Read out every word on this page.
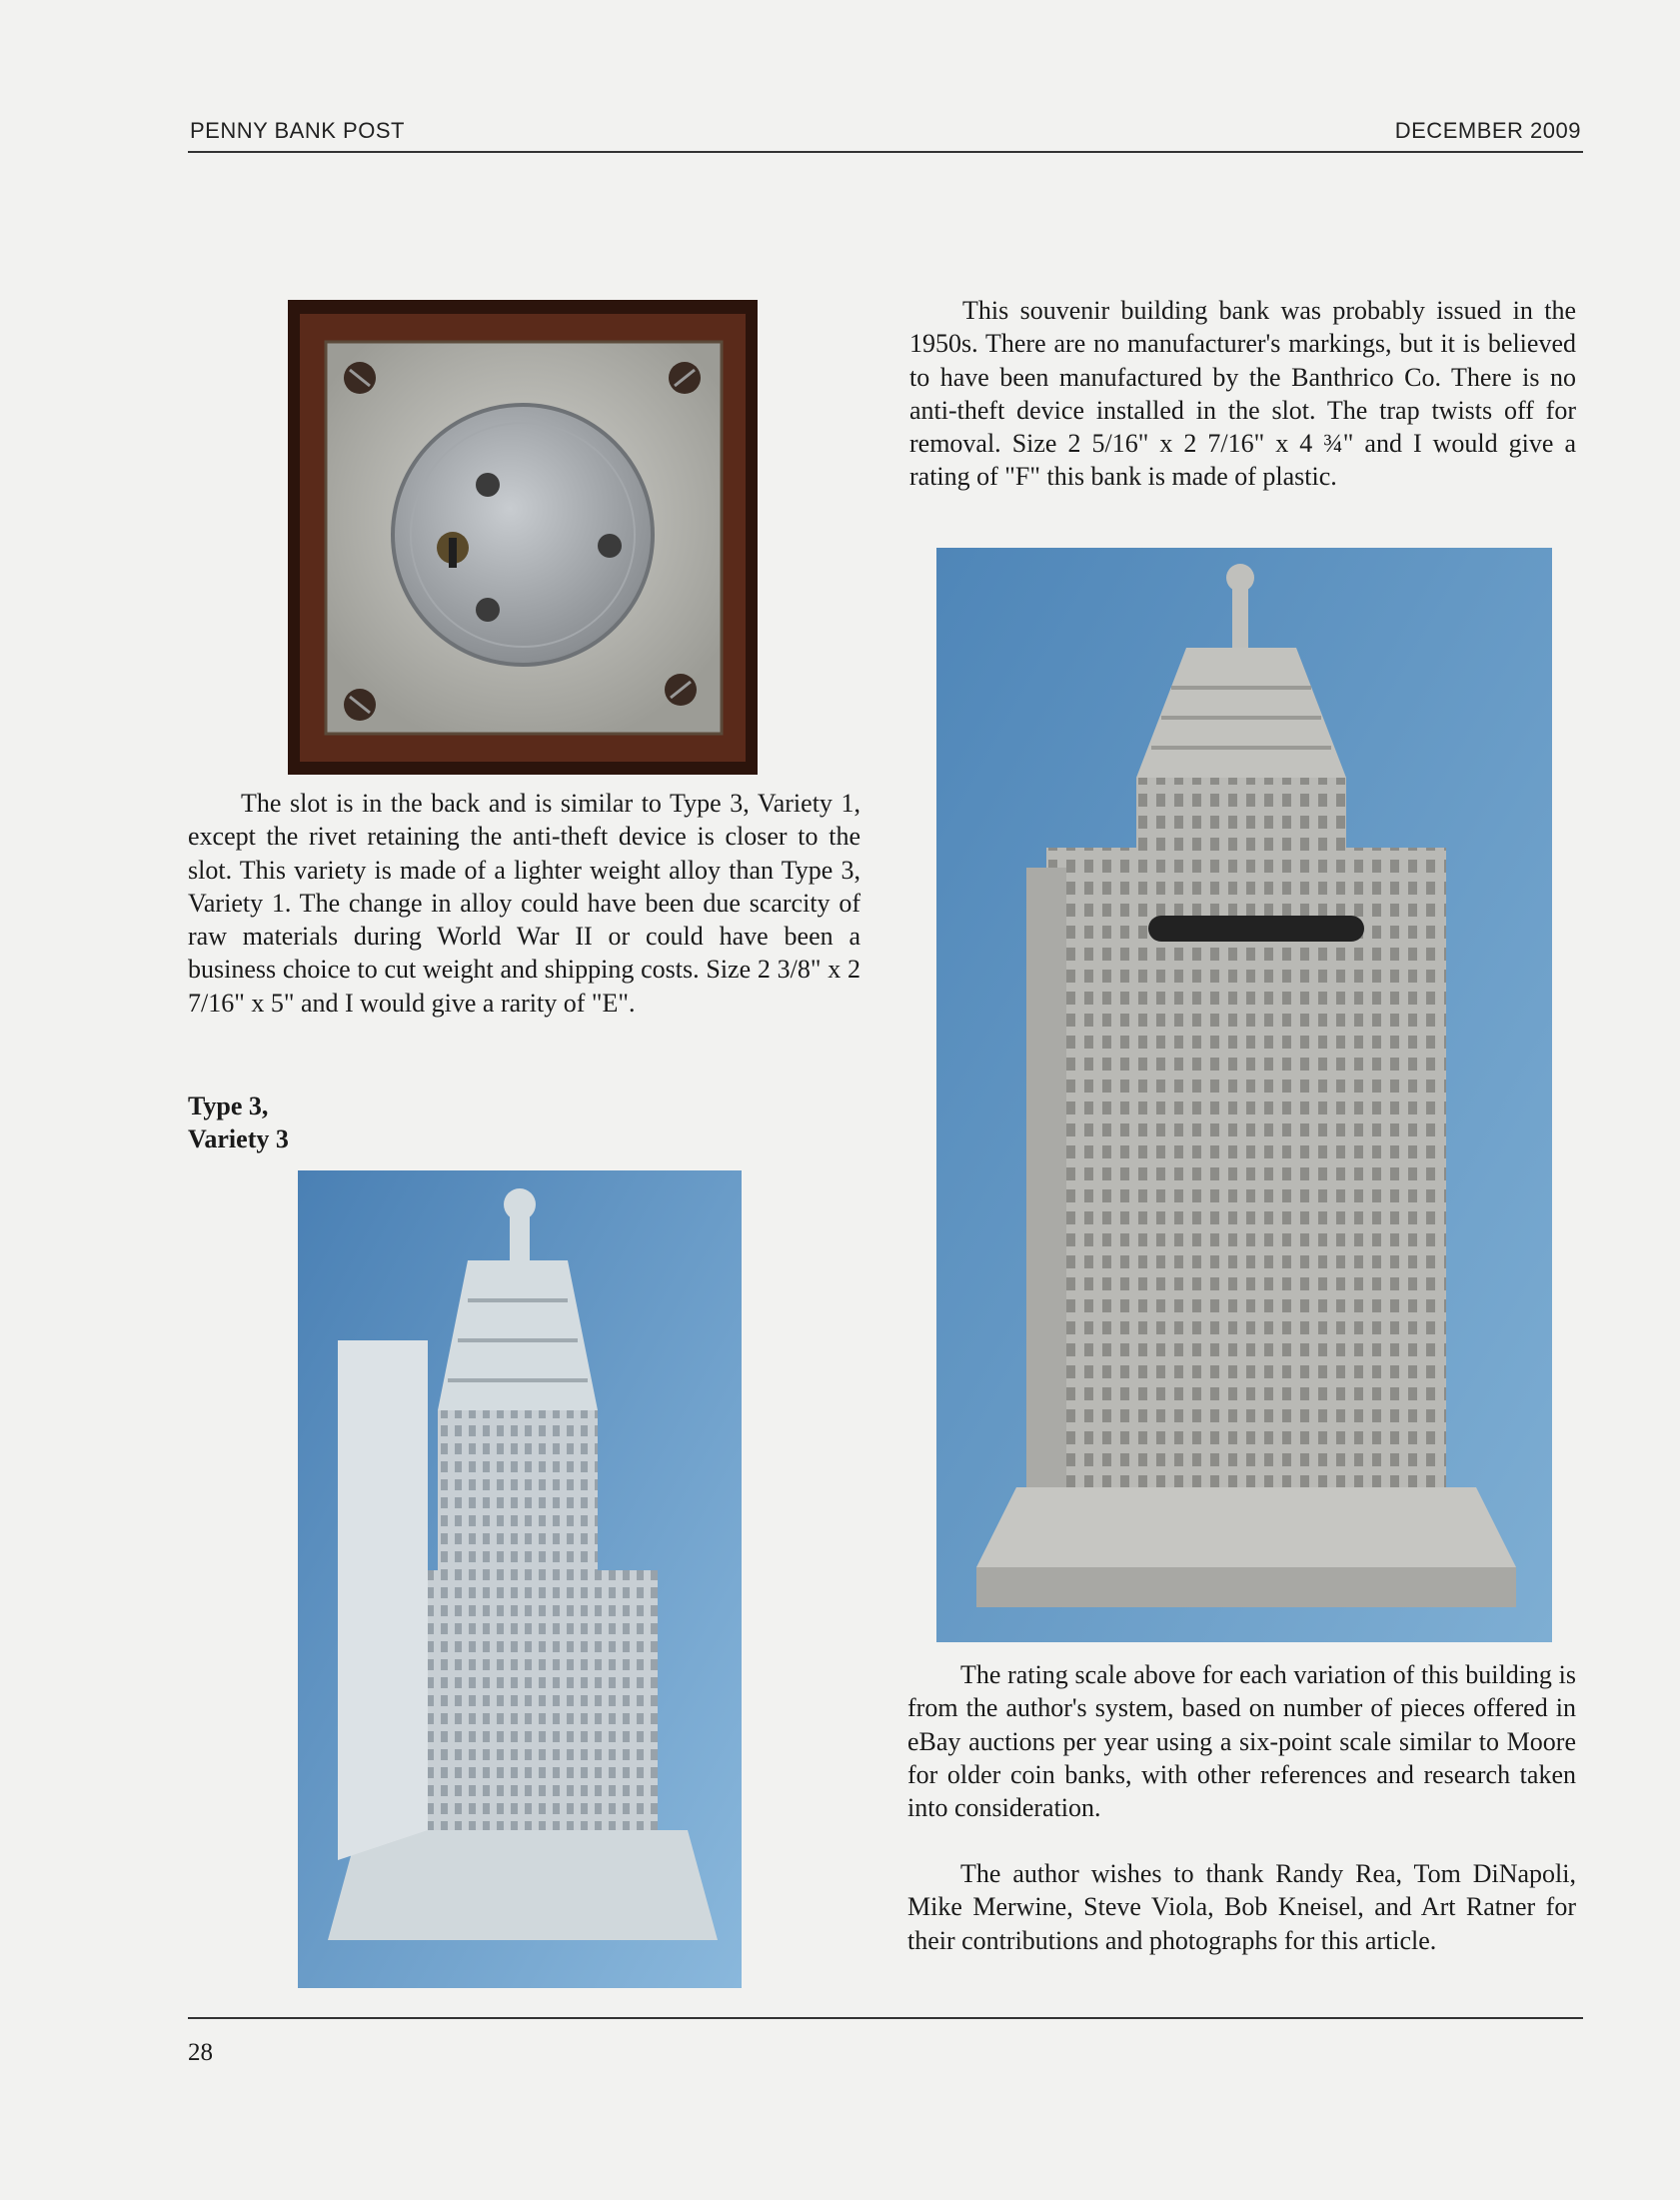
PENNY BANK POST	DECEMBER 2009

This souvenir building bank was probably issued in the 1950s. There are no manufacturer's markings, but it is believed to have been manufactured by the Banthrico Co. There is no anti-theft device installed in the slot. The trap twists off for removal. Size 2 5/16" x 2 7/16" x 4 ¾" and I would give a rating of "F" this bank is made of plastic.

The slot is in the back and is similar to Type 3, Variety 1, except the rivet retaining the anti-theft device is closer to the slot. This variety is made of a lighter weight alloy than Type 3, Variety 1. The change in alloy could have been due scarcity of raw materials during World War II or could have been a business choice to cut weight and shipping costs. Size 2 3/8" x 2 7/16" x 5" and I would give a rarity of "E".

Type 3,
Variety 3

The rating scale above for each variation of this building is from the author's system, based on number of pieces offered in eBay auctions per year using a six-point scale similar to Moore for older coin banks, with other references and research taken into consideration.

The author wishes to thank Randy Rea, Tom DiNapoli, Mike Merwine, Steve Viola, Bob Kneisel, and Art Ratner for their contributions and photographs for this article.

28
